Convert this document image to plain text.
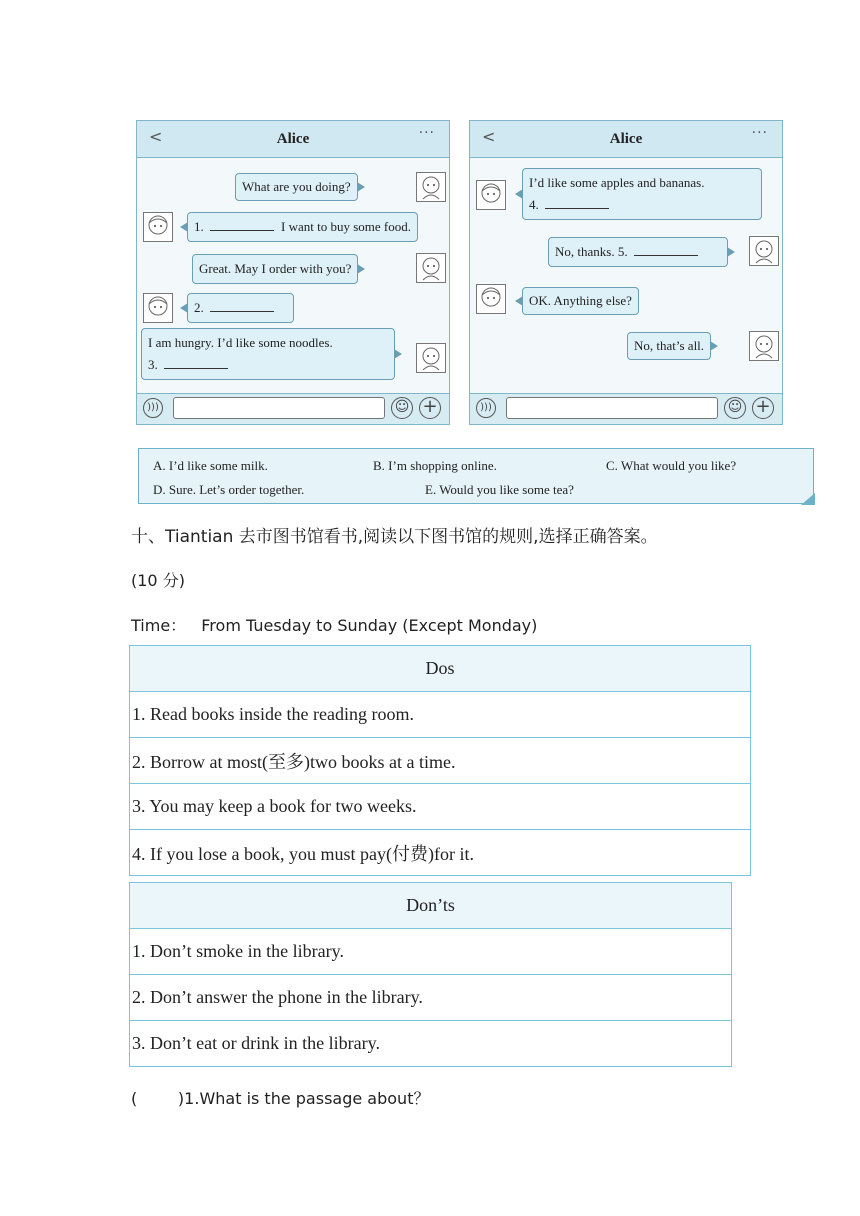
<	Alice	···
What are you doing?
1.	I want to buy some food.
Great. May I order with you?
2.
I am hungry. I’d like some noodles.
3.
)))	☺ +
<	Alice	···
I’d like some apples and bananas.
4.
No, thanks. 5.
OK. Anything else?
No, that’s all.
)))	☺ +
A. I’d like some milk.	B. I’m shopping online.	C. What would you like?
D. Sure. Let’s order together.	E. Would you like some tea?
十、Tiantian 去市图书馆看书,阅读以下图书馆的规则,选择正确答案。
(10 分)
Time： From Tuesday to Sunday (Except Monday)
Dos
1. Read books inside the reading room.
2. Borrow at most(至多)two books at a time.
3. You may keep a book for two weeks.
4. If you lose a book, you must pay(付费)for it.
Don’ts
1. Don’t smoke in the library.
2. Don’t answer the phone in the library.
3. Don’t eat or drink in the library.
(        )1.What is the passage about？
